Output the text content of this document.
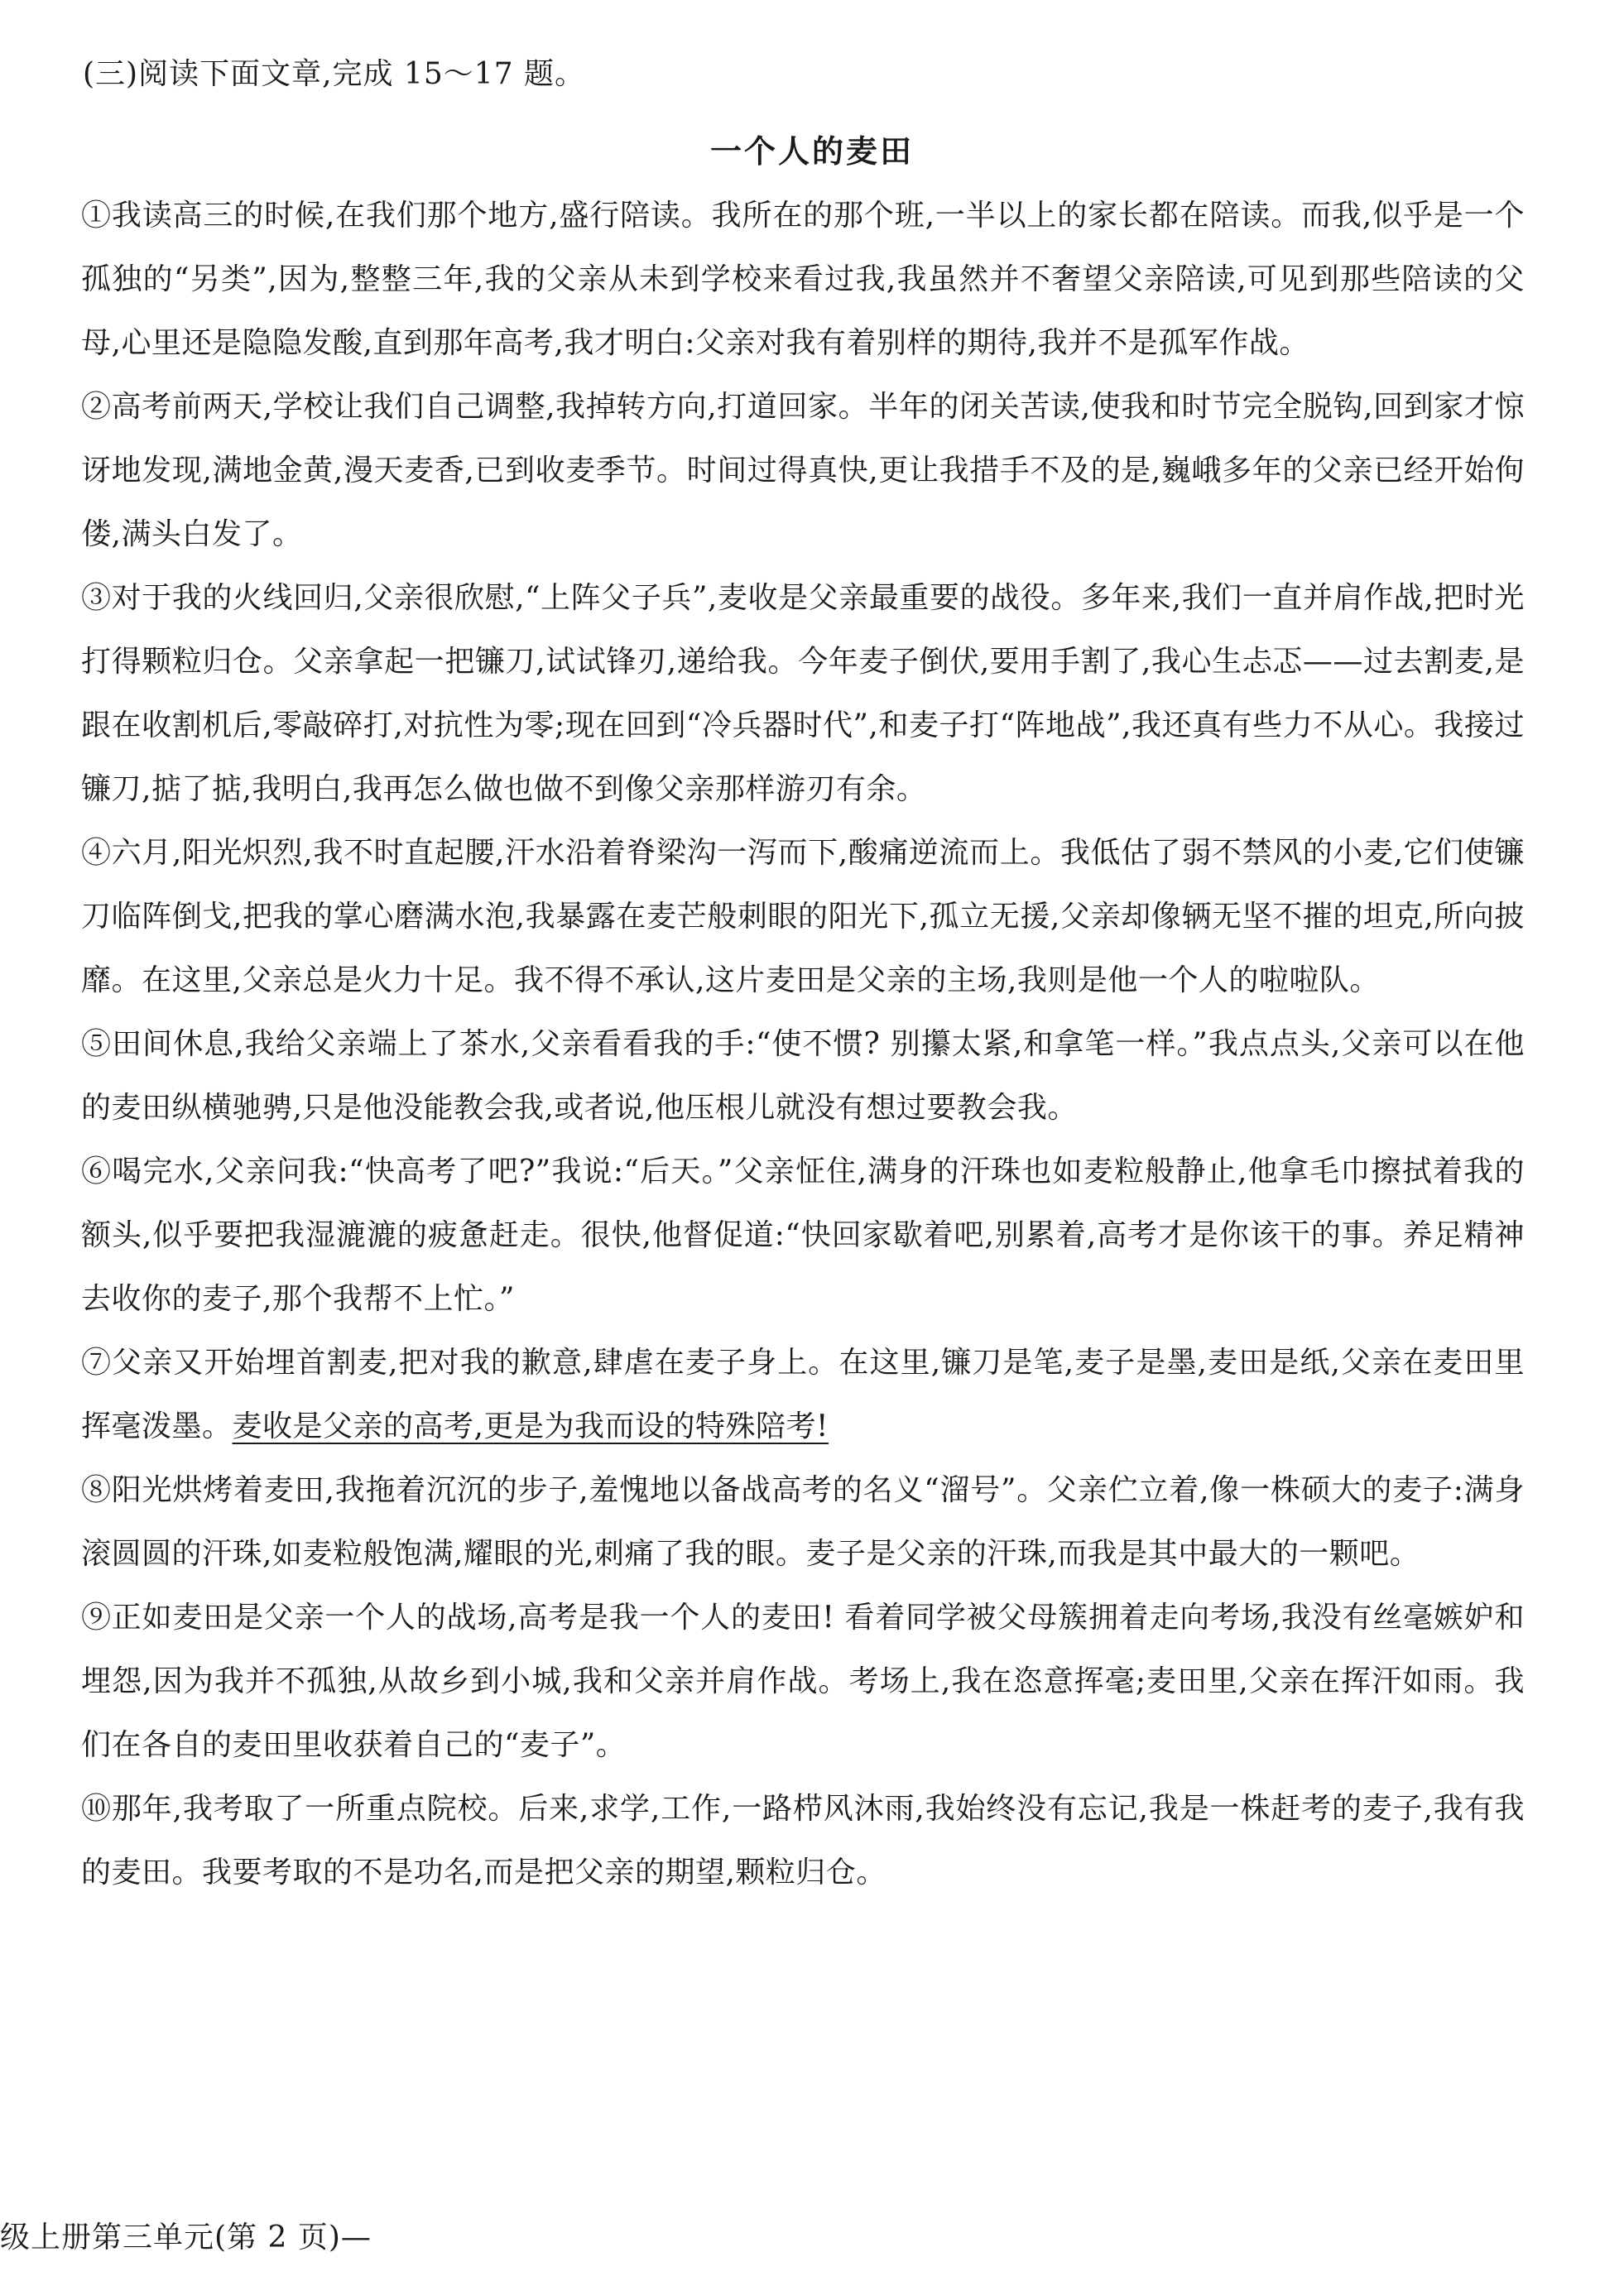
(三)阅读下面文章,完成 15～17 题。
一个人的麦田

①我读高三的时候,在我们那个地方,盛行陪读。我所在的那个班,一半以上的家长都在陪读。而我,似乎是一个孤独的“另类”,因为,整整三年,我的父亲从未到学校来看过我,我虽然并不奢望父亲陪读,可见到那些陪读的父母,心里还是隐隐发酸,直到那年高考,我才明白:父亲对我有着别样的期待,我并不是孤军作战。

②高考前两天,学校让我们自己调整,我掉转方向,打道回家。半年的闭关苦读,使我和时节完全脱钩,回到家才惊讶地发现,满地金黄,漫天麦香,已到收麦季节。时间过得真快,更让我措手不及的是,巍峨多年的父亲已经开始佝偻,满头白发了。

③对于我的火线回归,父亲很欣慰,“上阵父子兵”,麦收是父亲最重要的战役。多年来,我们一直并肩作战,把时光打得颗粒归仓。父亲拿起一把镰刀,试试锋刃,递给我。今年麦子倒伏,要用手割了,我心生忐忑——过去割麦,是跟在收割机后,零敲碎打,对抗性为零;现在回到“冷兵器时代”,和麦子打“阵地战”,我还真有些力不从心。我接过镰刀,掂了掂,我明白,我再怎么做也做不到像父亲那样游刃有余。

④六月,阳光炽烈,我不时直起腰,汗水沿着脊梁沟一泻而下,酸痛逆流而上。我低估了弱不禁风的小麦,它们使镰刀临阵倒戈,把我的掌心磨满水泡,我暴露在麦芒般刺眼的阳光下,孤立无援,父亲却像辆无坚不摧的坦克,所向披靡。在这里,父亲总是火力十足。我不得不承认,这片麦田是父亲的主场,我则是他一个人的啦啦队。

⑤田间休息,我给父亲端上了茶水,父亲看看我的手:“使不惯? 别攥太紧,和拿笔一样。”我点点头,父亲可以在他的麦田纵横驰骋,只是他没能教会我,或者说,他压根儿就没有想过要教会我。

⑥喝完水,父亲问我:“快高考了吧?”我说:“后天。”父亲怔住,满身的汗珠也如麦粒般静止,他拿毛巾擦拭着我的额头,似乎要把我湿漉漉的疲惫赶走。很快,他督促道:“快回家歇着吧,别累着,高考才是你该干的事。养足精神去收你的麦子,那个我帮不上忙。”

⑦父亲又开始埋首割麦,把对我的歉意,肆虐在麦子身上。在这里,镰刀是笔,麦子是墨,麦田是纸,父亲在麦田里挥毫泼墨。麦收是父亲的高考,更是为我而设的特殊陪考!

⑧阳光烘烤着麦田,我拖着沉沉的步子,羞愧地以备战高考的名义“溜号”。父亲伫立着,像一株硕大的麦子:满身滚圆圆的汗珠,如麦粒般饱满,耀眼的光,刺痛了我的眼。麦子是父亲的汗珠,而我是其中最大的一颗吧。

⑨正如麦田是父亲一个人的战场,高考是我一个人的麦田! 看着同学被父母簇拥着走向考场,我没有丝毫嫉妒和埋怨,因为我并不孤独,从故乡到小城,我和父亲并肩作战。考场上,我在恣意挥毫;麦田里,父亲在挥汗如雨。我们在各自的麦田里收获着自己的“麦子”。

⑩那年,我考取了一所重点院校。后来,求学,工作,一路栉风沐雨,我始终没有忘记,我是一株赶考的麦子,我有我的麦田。我要考取的不是功名,而是把父亲的期望,颗粒归仓。

级上册第三单元(第 2 页)—
